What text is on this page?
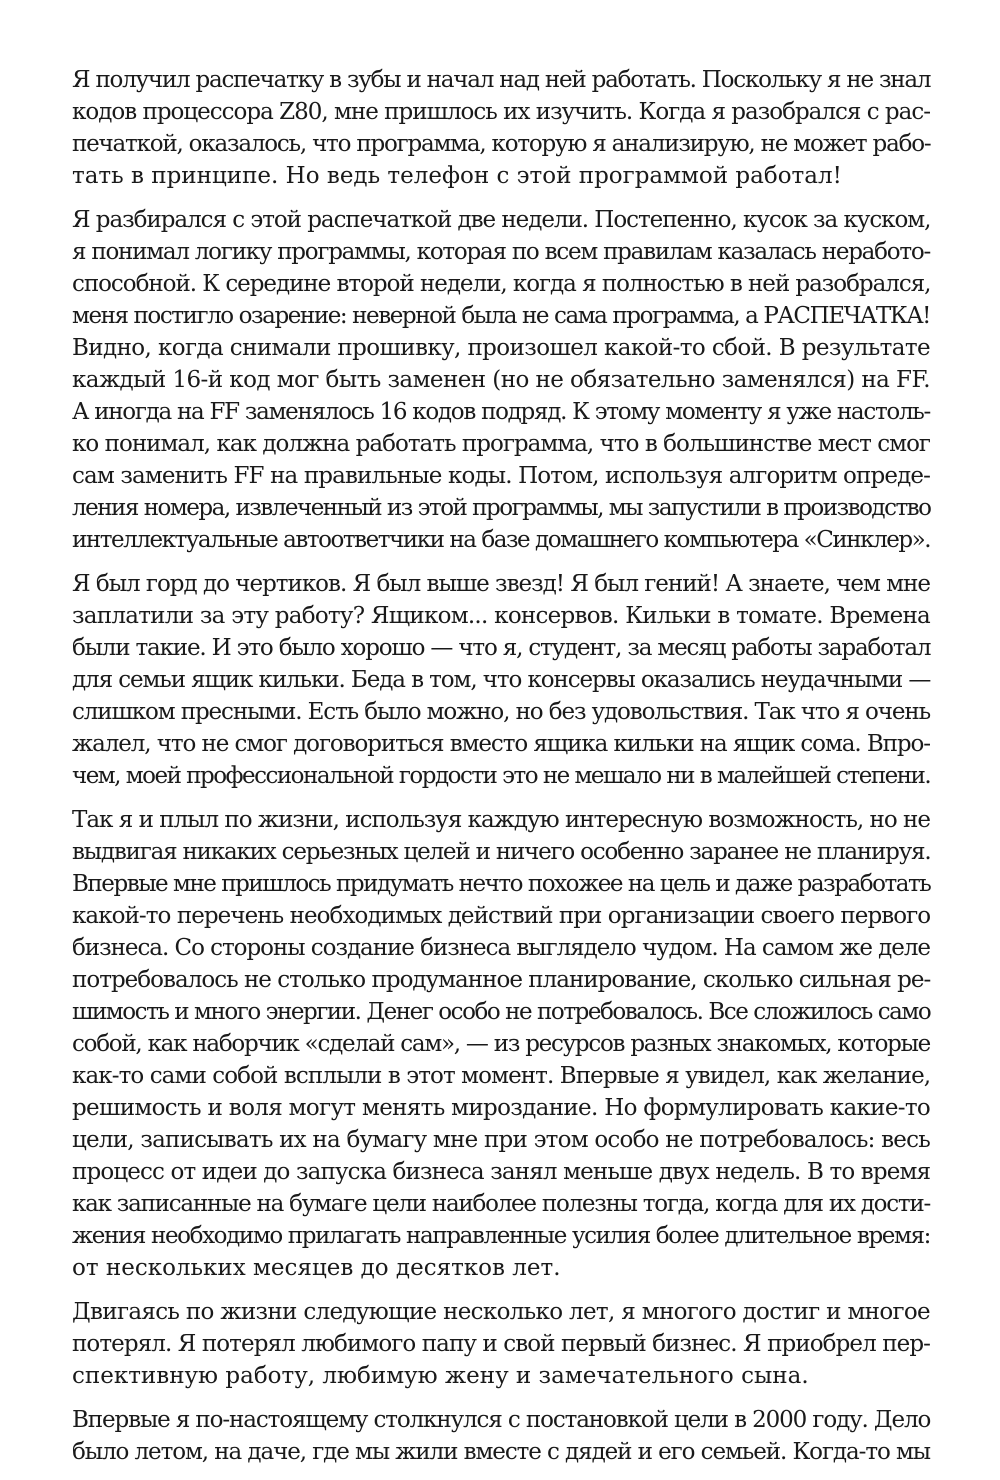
Я получил распечатку в зубы и начал над ней работать. Поскольку я не знал
кодов процессора Z80, мне пришлось их изучить. Когда я разобрался с рас-
печаткой, оказалось, что программа, которую я анализирую, не может рабо-
тать в принципе. Но ведь телефон с этой программой работал!

Я разбирался с этой распечаткой две недели. Постепенно, кусок за куском,
я понимал логику программы, которая по всем правилам казалась неработо-
способной. К середине второй недели, когда я полностью в ней разобрался,
меня постигло озарение: неверной была не сама программа, а РАСПЕЧАТКА!
Видно, когда снимали прошивку, произошел какой-то сбой. В результате
каждый 16-й код мог быть заменен (но не обязательно заменялся) на FF.
А иногда на FF заменялось 16 кодов подряд. К этому моменту я уже настоль-
ко понимал, как должна работать программа, что в большинстве мест смог
сам заменить FF на правильные коды. Потом, используя алгоритм опреде-
ления номера, извлеченный из этой программы, мы запустили в производство
интеллектуальные автоответчики на базе домашнего компьютера «Синклер».

Я был горд до чертиков. Я был выше звезд! Я был гений! А знаете, чем мне
заплатили за эту работу? Ящиком... консервов. Кильки в томате. Времена
были такие. И это было хорошо — что я, студент, за месяц работы заработал
для семьи ящик кильки. Беда в том, что консервы оказались неудачными —
слишком пресными. Есть было можно, но без удовольствия. Так что я очень
жалел, что не смог договориться вместо ящика кильки на ящик сома. Впро-
чем, моей профессиональной гордости это не мешало ни в малейшей степени.

Так я и плыл по жизни, используя каждую интересную возможность, но не
выдвигая никаких серьезных целей и ничего особенно заранее не планируя.
Впервые мне пришлось придумать нечто похожее на цель и даже разработать
какой-то перечень необходимых действий при организации своего первого
бизнеса. Со стороны создание бизнеса выглядело чудом. На самом же деле
потребовалось не столько продуманное планирование, сколько сильная ре-
шимость и много энергии. Денег особо не потребовалось. Все сложилось само
собой, как наборчик «сделай сам», — из ресурсов разных знакомых, которые
как-то сами собой всплыли в этот момент. Впервые я увидел, как желание,
решимость и воля могут менять мироздание. Но формулировать какие-то
цели, записывать их на бумагу мне при этом особо не потребовалось: весь
процесс от идеи до запуска бизнеса занял меньше двух недель. В то время
как записанные на бумаге цели наиболее полезны тогда, когда для их дости-
жения необходимо прилагать направленные усилия более длительное время:
от нескольких месяцев до десятков лет.

Двигаясь по жизни следующие несколько лет, я многого достиг и многое
потерял. Я потерял любимого папу и свой первый бизнес. Я приобрел пер-
спективную работу, любимую жену и замечательного сына.

Впервые я по-настоящему столкнулся с постановкой цели в 2000 году. Дело
было летом, на даче, где мы жили вместе с дядей и его семьей. Когда-то мы
